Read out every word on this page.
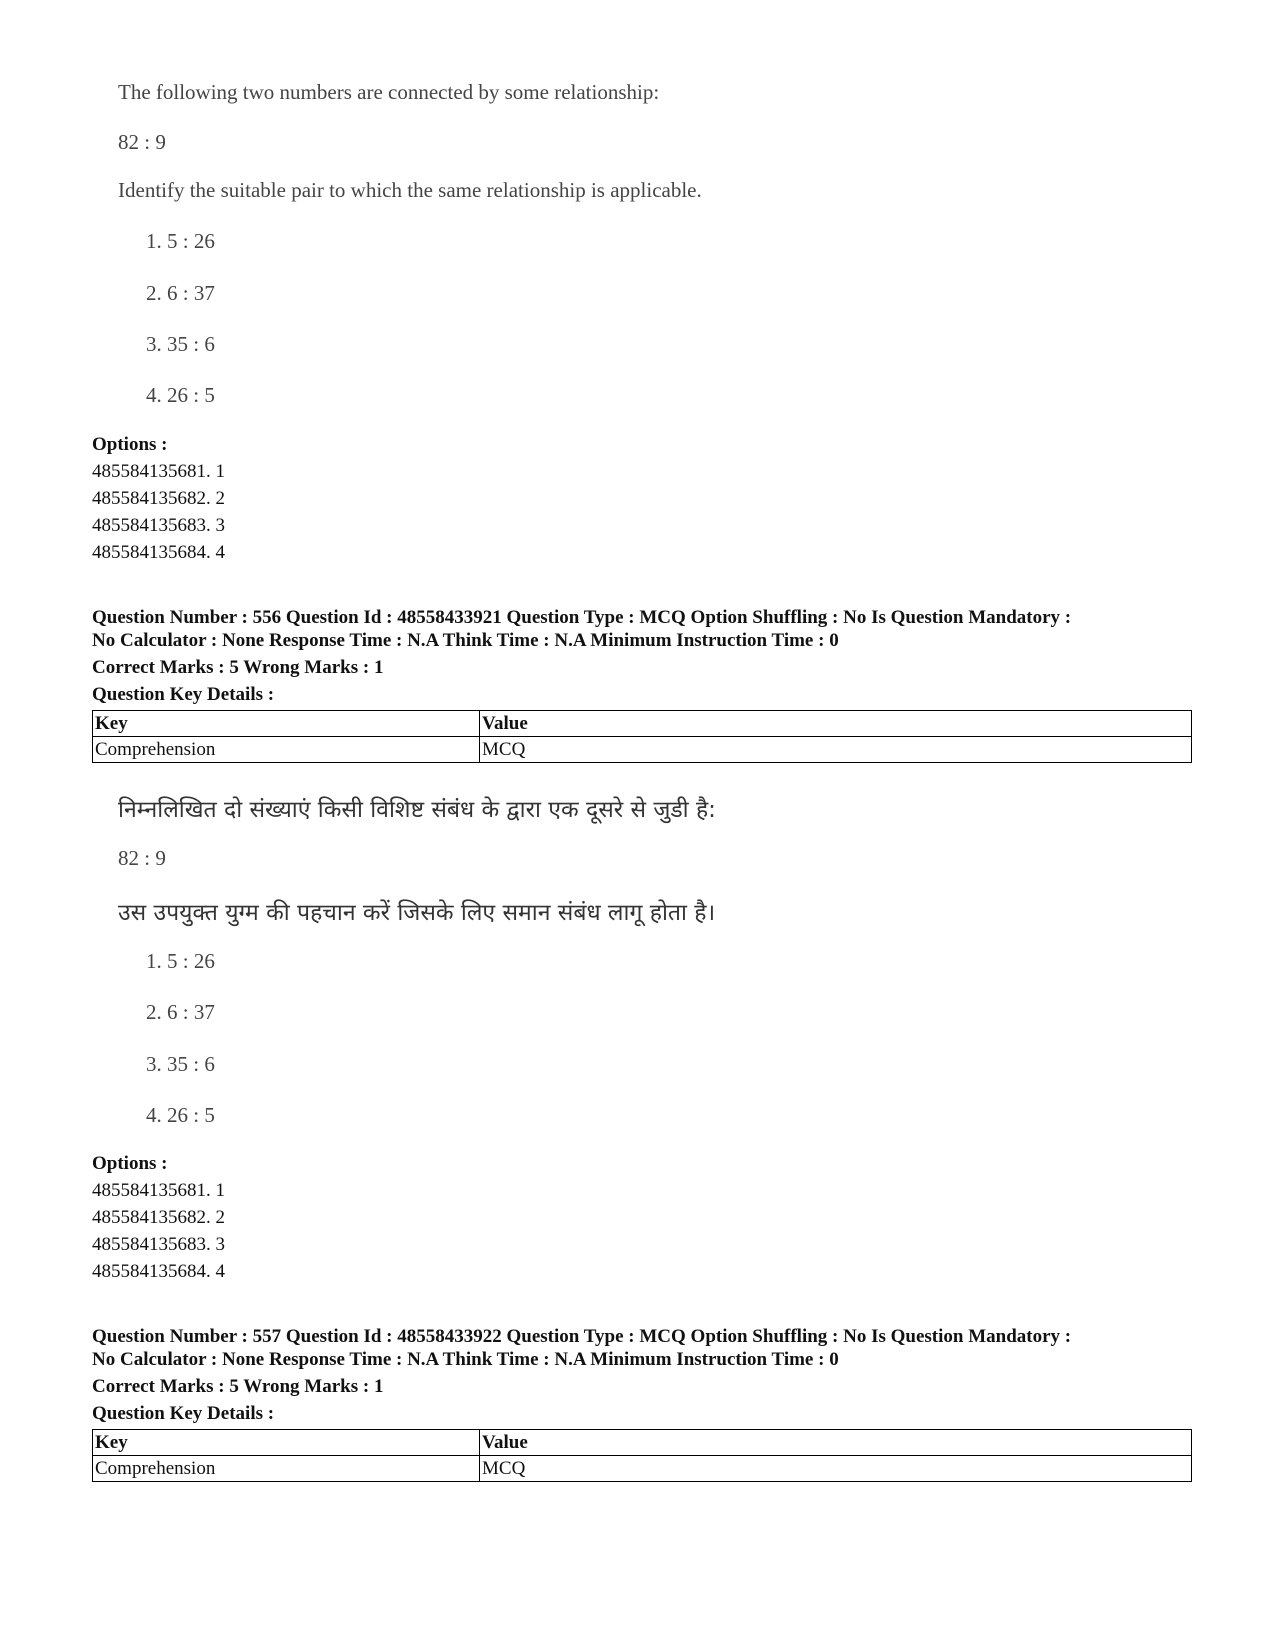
The following two numbers are connected by some relationship:
82 : 9
Identify the suitable pair to which the same relationship is applicable.
1. 5 : 26
2. 6 : 37
3. 35 : 6
4. 26 : 5
Options :
485584135681. 1
485584135682. 2
485584135683. 3
485584135684. 4
Question Number : 556 Question Id : 48558433921 Question Type : MCQ Option Shuffling : No Is Question Mandatory :
No Calculator : None Response Time : N.A Think Time : N.A Minimum Instruction Time : 0
Correct Marks : 5 Wrong Marks : 1
Question Key Details :
Key	Value
Comprehension	MCQ
निम्नलिखित दो संख्याएं किसी विशिष्ट संबंध के द्वारा एक दूसरे से जुडी है:
82 : 9
उस उपयुक्त युग्म की पहचान करें जिसके लिए समान संबंध लागू होता है।
1. 5 : 26
2. 6 : 37
3. 35 : 6
4. 26 : 5
Options :
485584135681. 1
485584135682. 2
485584135683. 3
485584135684. 4
Question Number : 557 Question Id : 48558433922 Question Type : MCQ Option Shuffling : No Is Question Mandatory :
No Calculator : None Response Time : N.A Think Time : N.A Minimum Instruction Time : 0
Correct Marks : 5 Wrong Marks : 1
Question Key Details :
Key	Value
Comprehension	MCQ
